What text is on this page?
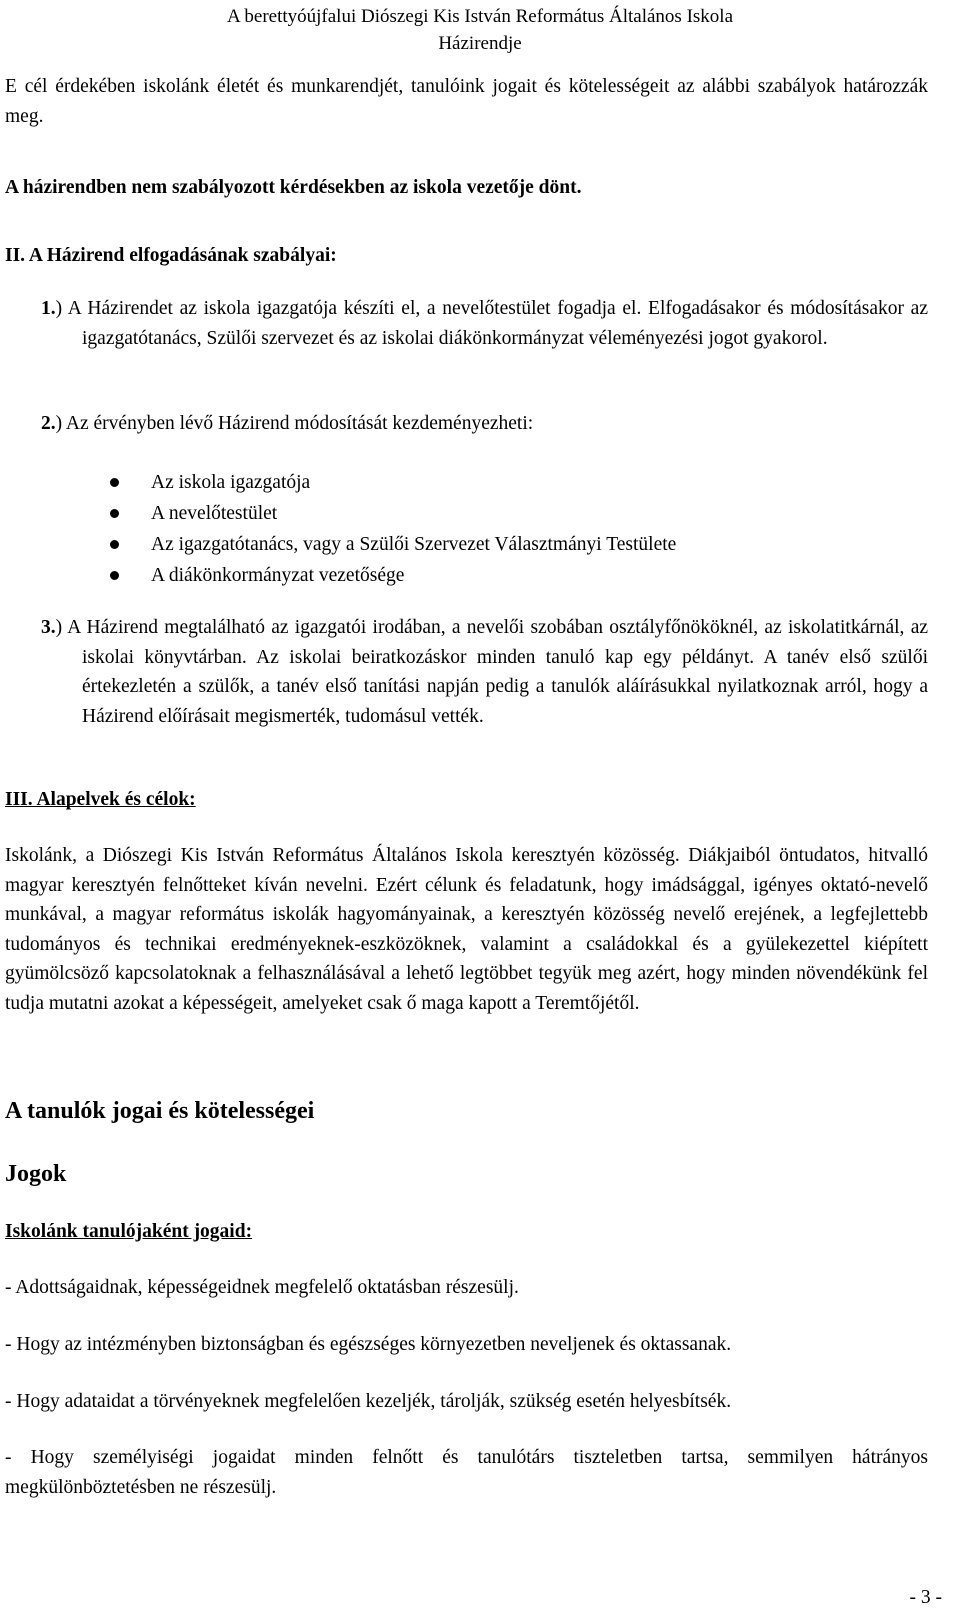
A berettyóújfalui Diószegi Kis István Református Általános Iskola
Házirendje
E cél érdekében iskolánk életét és munkarendjét, tanulóink jogait és kötelességeit az alábbi szabályok határozzák meg.
A házirendben nem szabályozott kérdésekben az iskola vezetője dönt.
II. A Házirend elfogadásának szabályai:
1.) A Házirendet az iskola igazgatója készíti el, a nevelőtestület fogadja el. Elfogadásakor és módosításakor az igazgatótanács, Szülői szervezet és az iskolai diákönkormányzat véleményezési jogot gyakorol.
2.) Az érvényben lévő Házirend módosítását kezdeményezheti:
Az iskola igazgatója
A nevelőtestület
Az igazgatótanács, vagy a Szülői Szervezet Választmányi Testülete
A diákönkormányzat vezetősége
3.) A Házirend megtalálható az igazgatói irodában, a nevelői szobában osztályfőnököknél, az iskolatitkárnál, az iskolai könyvtárban. Az iskolai beiratkozáskor minden tanuló kap egy példányt. A tanév első szülői értekezletén a szülők, a tanév első tanítási napján pedig a tanulók aláírásukkal nyilatkoznak arról, hogy a Házirend előírásait megismerték, tudomásul vették.
III. Alapelvek és célok:
Iskolánk, a Diószegi Kis István Református Általános Iskola keresztyén közösség. Diákjaiból öntudatos, hitvalló magyar keresztyén felnőtteket kíván nevelni. Ezért célunk és feladatunk, hogy imádsággal, igényes oktató-nevelő munkával, a magyar református iskolák hagyományainak, a keresztyén közösség nevelő erejének, a legfejlettebb tudományos és technikai eredményeknek-eszközöknek, valamint a családokkal és a gyülekezettel kiépített gyümölcsöző kapcsolatoknak a felhasználásával a lehető legtöbbet tegyük meg azért, hogy minden növendékünk fel tudja mutatni azokat a képességeit, amelyeket csak ő maga kapott a Teremtőjétől.
A tanulók jogai és kötelességei
Jogok
Iskolánk tanulójaként jogaid:
- Adottságaidnak, képességeidnek megfelelő oktatásban részesülj.
- Hogy az intézményben biztonságban és egészséges környezetben neveljenek és oktassanak.
- Hogy adataidat a törvényeknek megfelelően kezeljék, tárolják, szükség esetén helyesbítsék.
- Hogy személyiségi jogaidat minden felnőtt és tanulótárs tiszteletben tartsa, semmilyen hátrányos megkülönböztetésben ne részesülj.
- 3 -
